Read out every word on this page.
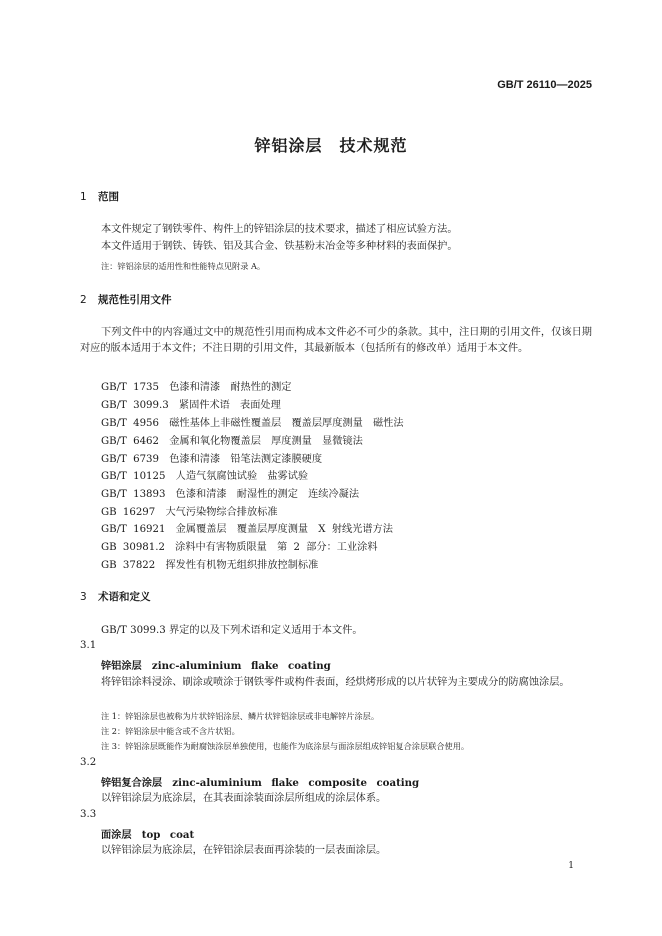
GB/T 26110—2025
锌铝涂层　技术规范
1 范围
本文件规定了钢铁零件、构件上的锌铝涂层的技术要求，描述了相应试验方法。
本文件适用于钢铁、铸铁、铝及其合金、铁基粉末冶金等多种材料的表面保护。
注：锌铝涂层的适用性和性能特点见附录 A。
2 规范性引用文件
下列文件中的内容通过文中的规范性引用而构成本文件必不可少的条款。其中，注日期的引用文件，仅该日期对应的版本适用于本文件；不注日期的引用文件，其最新版本（包括所有的修改单）适用于本文件。
GB/T 1735　色漆和清漆　耐热性的测定
GB/T 3099.3　紧固件术语　表面处理
GB/T 4956　磁性基体上非磁性覆盖层　覆盖层厚度测量　磁性法
GB/T 6462　金属和氧化物覆盖层　厚度测量　显微镜法
GB/T 6739　色漆和清漆　铅笔法测定漆膜硬度
GB/T 10125　人造气氛腐蚀试验　盐雾试验
GB/T 13893　色漆和清漆　耐湿性的测定　连续冷凝法
GB 16297　大气污染物综合排放标准
GB/T 16921　金属覆盖层　覆盖层厚度测量　X 射线光谱方法
GB 30981.2　涂料中有害物质限量　第 2 部分：工业涂料
GB 37822　挥发性有机物无组织排放控制标准
3 术语和定义
GB/T 3099.3 界定的以及下列术语和定义适用于本文件。
3.1
锌铝涂层　zinc-aluminium flake coating
将锌铝涂料浸涂、刷涂或喷涂于钢铁零件或构件表面，经烘烤形成的以片状锌为主要成分的防腐蚀涂层。
注 1：锌铝涂层也被称为片状锌铝涂层、鳞片状锌铝涂层或非电解锌片涂层。
注 2：锌铝涂层中能含或不含片状铝。
注 3：锌铝涂层既能作为耐腐蚀涂层单独使用，也能作为底涂层与面涂层组成锌铝复合涂层联合使用。
3.2
锌铝复合涂层　zinc-aluminium flake composite coating
以锌铝涂层为底涂层，在其表面涂装面涂层所组成的涂层体系。
3.3
面涂层　top coat
以锌铝涂层为底涂层，在锌铝涂层表面再涂装的一层表面涂层。
1
